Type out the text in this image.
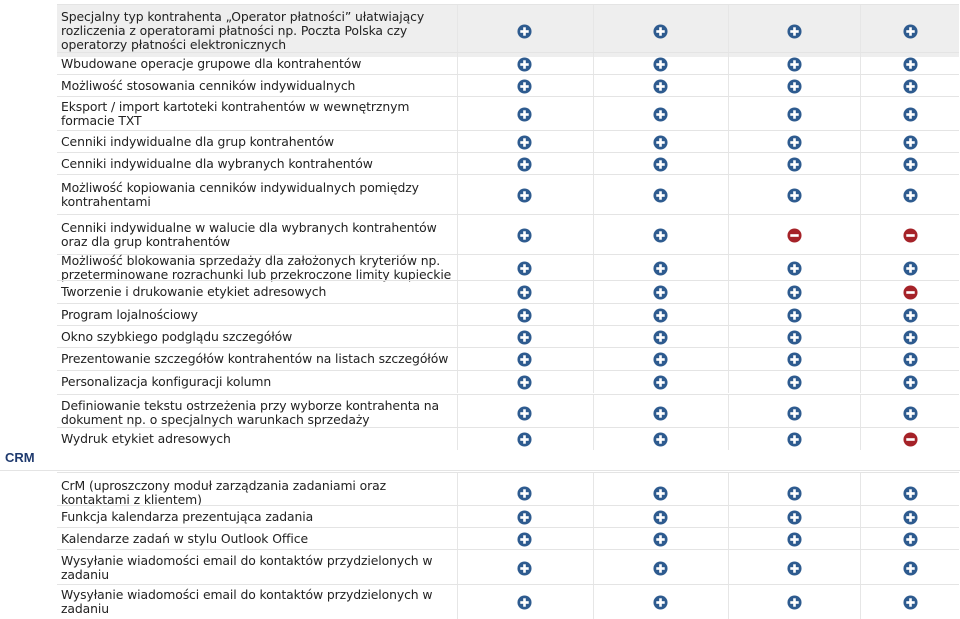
Specjalny typ kontrahenta „Operator płatności” ułatwiający rozliczenia z operatorami płatności np. Poczta Polska czy operatorzy płatności elektronicznych
Wbudowane operacje grupowe dla kontrahentów
Możliwość stosowania cenników indywidualnych
Eksport / import kartoteki kontrahentów w wewnętrznym formacie TXT
Cenniki indywidualne dla grup kontrahentów
Cenniki indywidualne dla wybranych kontrahentów
Możliwość kopiowania cenników indywidualnych pomiędzy kontrahentami
Cenniki indywidualne w walucie dla wybranych kontrahentów oraz dla grup kontrahentów
Możliwość blokowania sprzedaży dla założonych kryteriów np. przeterminowane rozrachunki lub przekroczone limity kupieckie
Tworzenie i drukowanie etykiet adresowych
Program lojalnościowy
Okno szybkiego podglądu szczegółów
Prezentowanie szczegółów kontrahentów na listach szczegółów
Personalizacja konfiguracji kolumn
Definiowanie tekstu ostrzeżenia przy wyborze kontrahenta na dokument np. o specjalnych warunkach sprzedaży
Wydruk etykiet adresowych
CrM (uproszczony moduł zarządzania zadaniami oraz kontaktami z klientem)
Funkcja kalendarza prezentująca zadania
Kalendarze zadań w stylu Outlook Office
Wysyłanie wiadomości email do kontaktów przydzielonych w zadaniu
Wysyłanie wiadomości email do kontaktów przydzielonych w zadaniu
CRM
